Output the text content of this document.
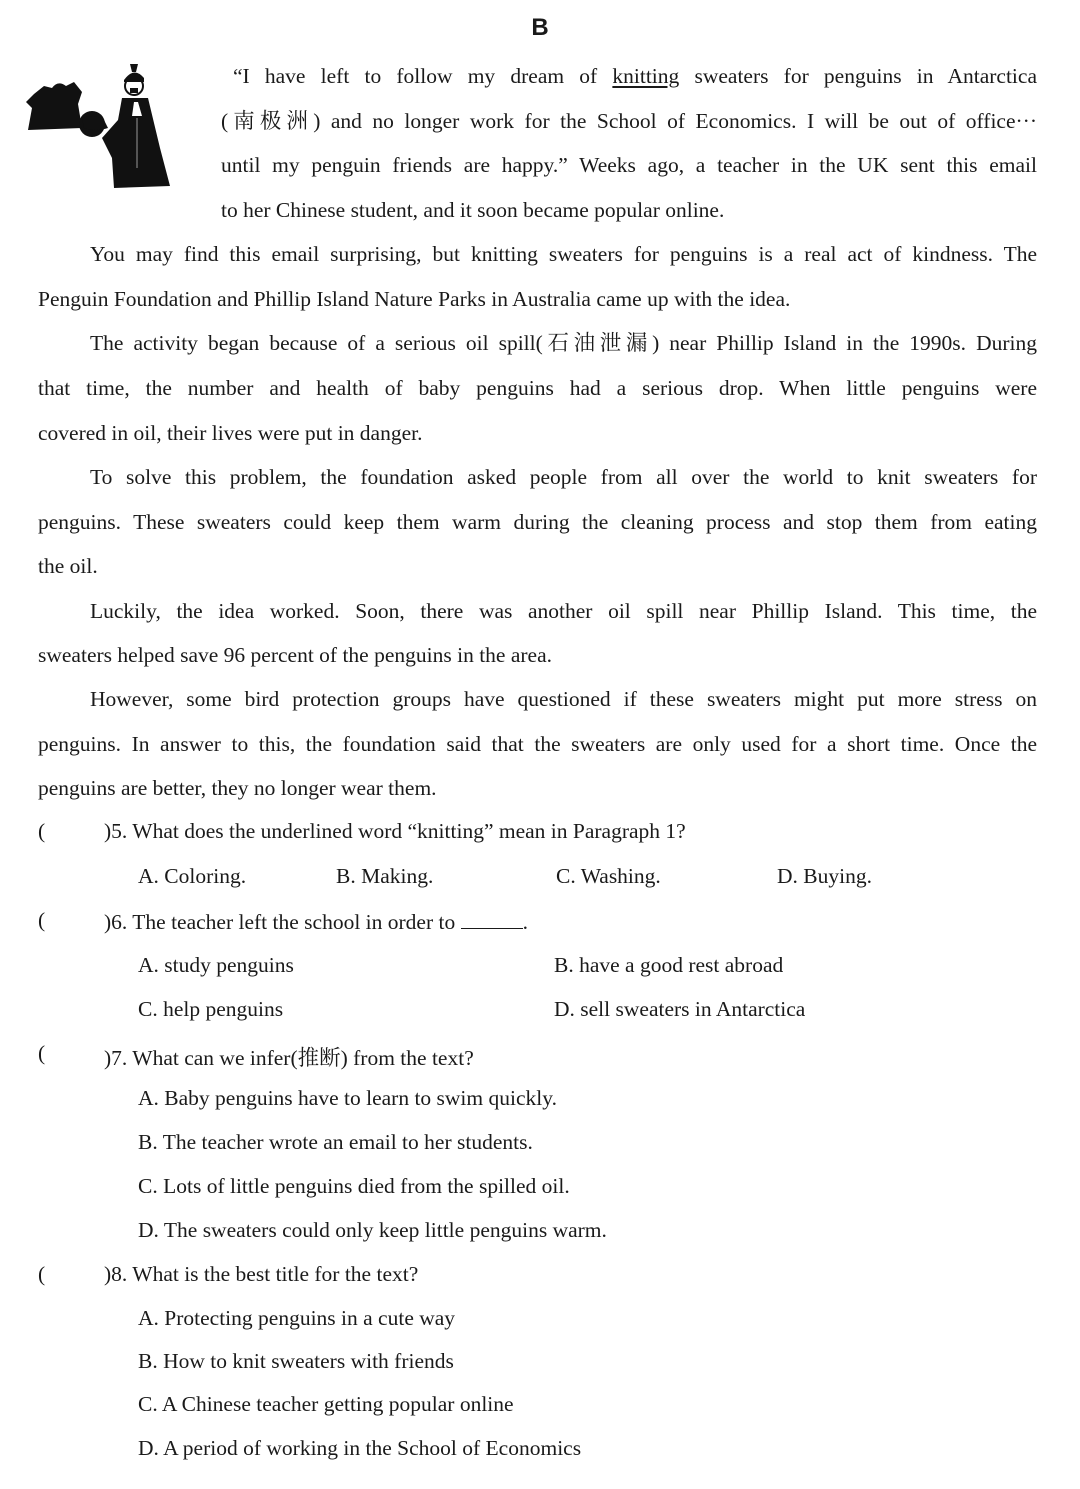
B
“I have left to follow my dream of knitting sweaters for penguins in Antarctica
(南极洲) and no longer work for the School of Economics. I will be out of office···
until my penguin friends are happy.” Weeks ago, a teacher in the UK sent this email
to her Chinese student, and it soon became popular online.
You may find this email surprising, but knitting sweaters for penguins is a real act of kindness. The
Penguin Foundation and Phillip Island Nature Parks in Australia came up with the idea.
The activity began because of a serious oil spill(石油泄漏) near Phillip Island in the 1990s. During
that time, the number and health of baby penguins had a serious drop. When little penguins were
covered in oil, their lives were put in danger.
To solve this problem, the foundation asked people from all over the world to knit sweaters for
penguins. These sweaters could keep them warm during the cleaning process and stop them from eating
the oil.
Luckily, the idea worked. Soon, there was another oil spill near Phillip Island. This time, the
sweaters helped save 96 percent of the penguins in the area.
However, some bird protection groups have questioned if these sweaters might put more stress on
penguins. In answer to this, the foundation said that the sweaters are only used for a short time. Once the
penguins are better, they no longer wear them.
(	)5. What does the underlined word “knitting” mean in Paragraph 1?
A. Coloring.	B. Making.	C. Washing.	D. Buying.
(	)6. The teacher left the school in order to	.
A. study penguins	B. have a good rest abroad
C. help penguins	D. sell sweaters in Antarctica
(	)7. What can we infer(推断) from the text?
A. Baby penguins have to learn to swim quickly.
B. The teacher wrote an email to her students.
C. Lots of little penguins died from the spilled oil.
D. The sweaters could only keep little penguins warm.
(	)8. What is the best title for the text?
A. Protecting penguins in a cute way
B. How to knit sweaters with friends
C. A Chinese teacher getting popular online
D. A period of working in the School of Economics
